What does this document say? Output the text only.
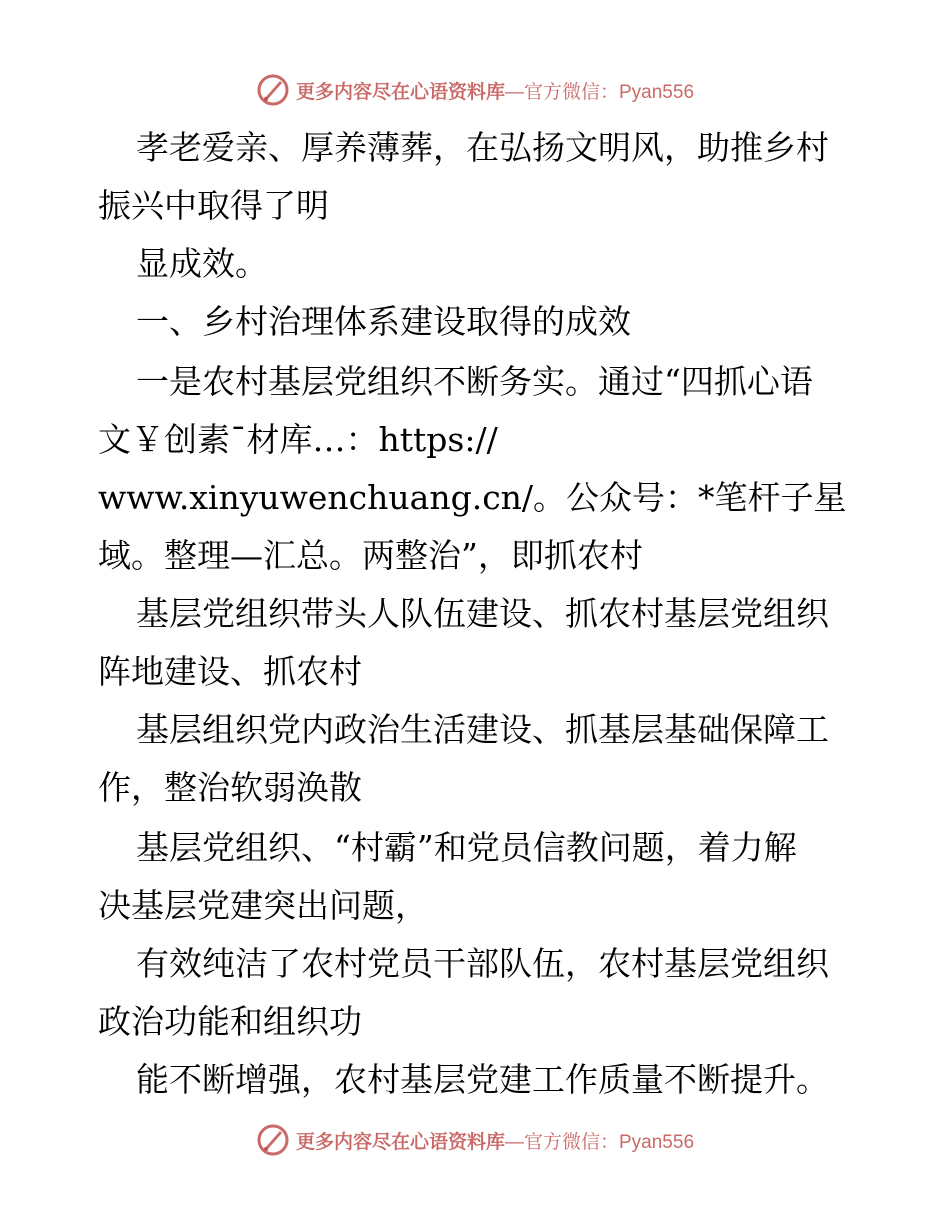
更多内容尽在心语资料库 —官方微信：Pyan556
孝老爱亲、厚养薄葬，在弘扬文明风，助推乡村
振兴中取得了明
显成效。
一、乡村治理体系建设取得的成效
一是农村基层党组织不断务实。通过“四抓心语
文￥创素¯材库…：https://
www.xinyuwenchuang.cn/。公众号：*笔杆子星
域。整理—汇总。两整治”，即抓农村
基层党组织带头人队伍建设、抓农村基层党组织
阵地建设、抓农村
基层组织党内政治生活建设、抓基层基础保障工
作，整治软弱涣散
基层党组织、“村霸”和党员信教问题，着力解
决基层党建突出问题，
有效纯洁了农村党员干部队伍，农村基层党组织
政治功能和组织功
能不断增强，农村基层党建工作质量不断提升。
更多内容尽在心语资料库 —官方微信：Pyan556
